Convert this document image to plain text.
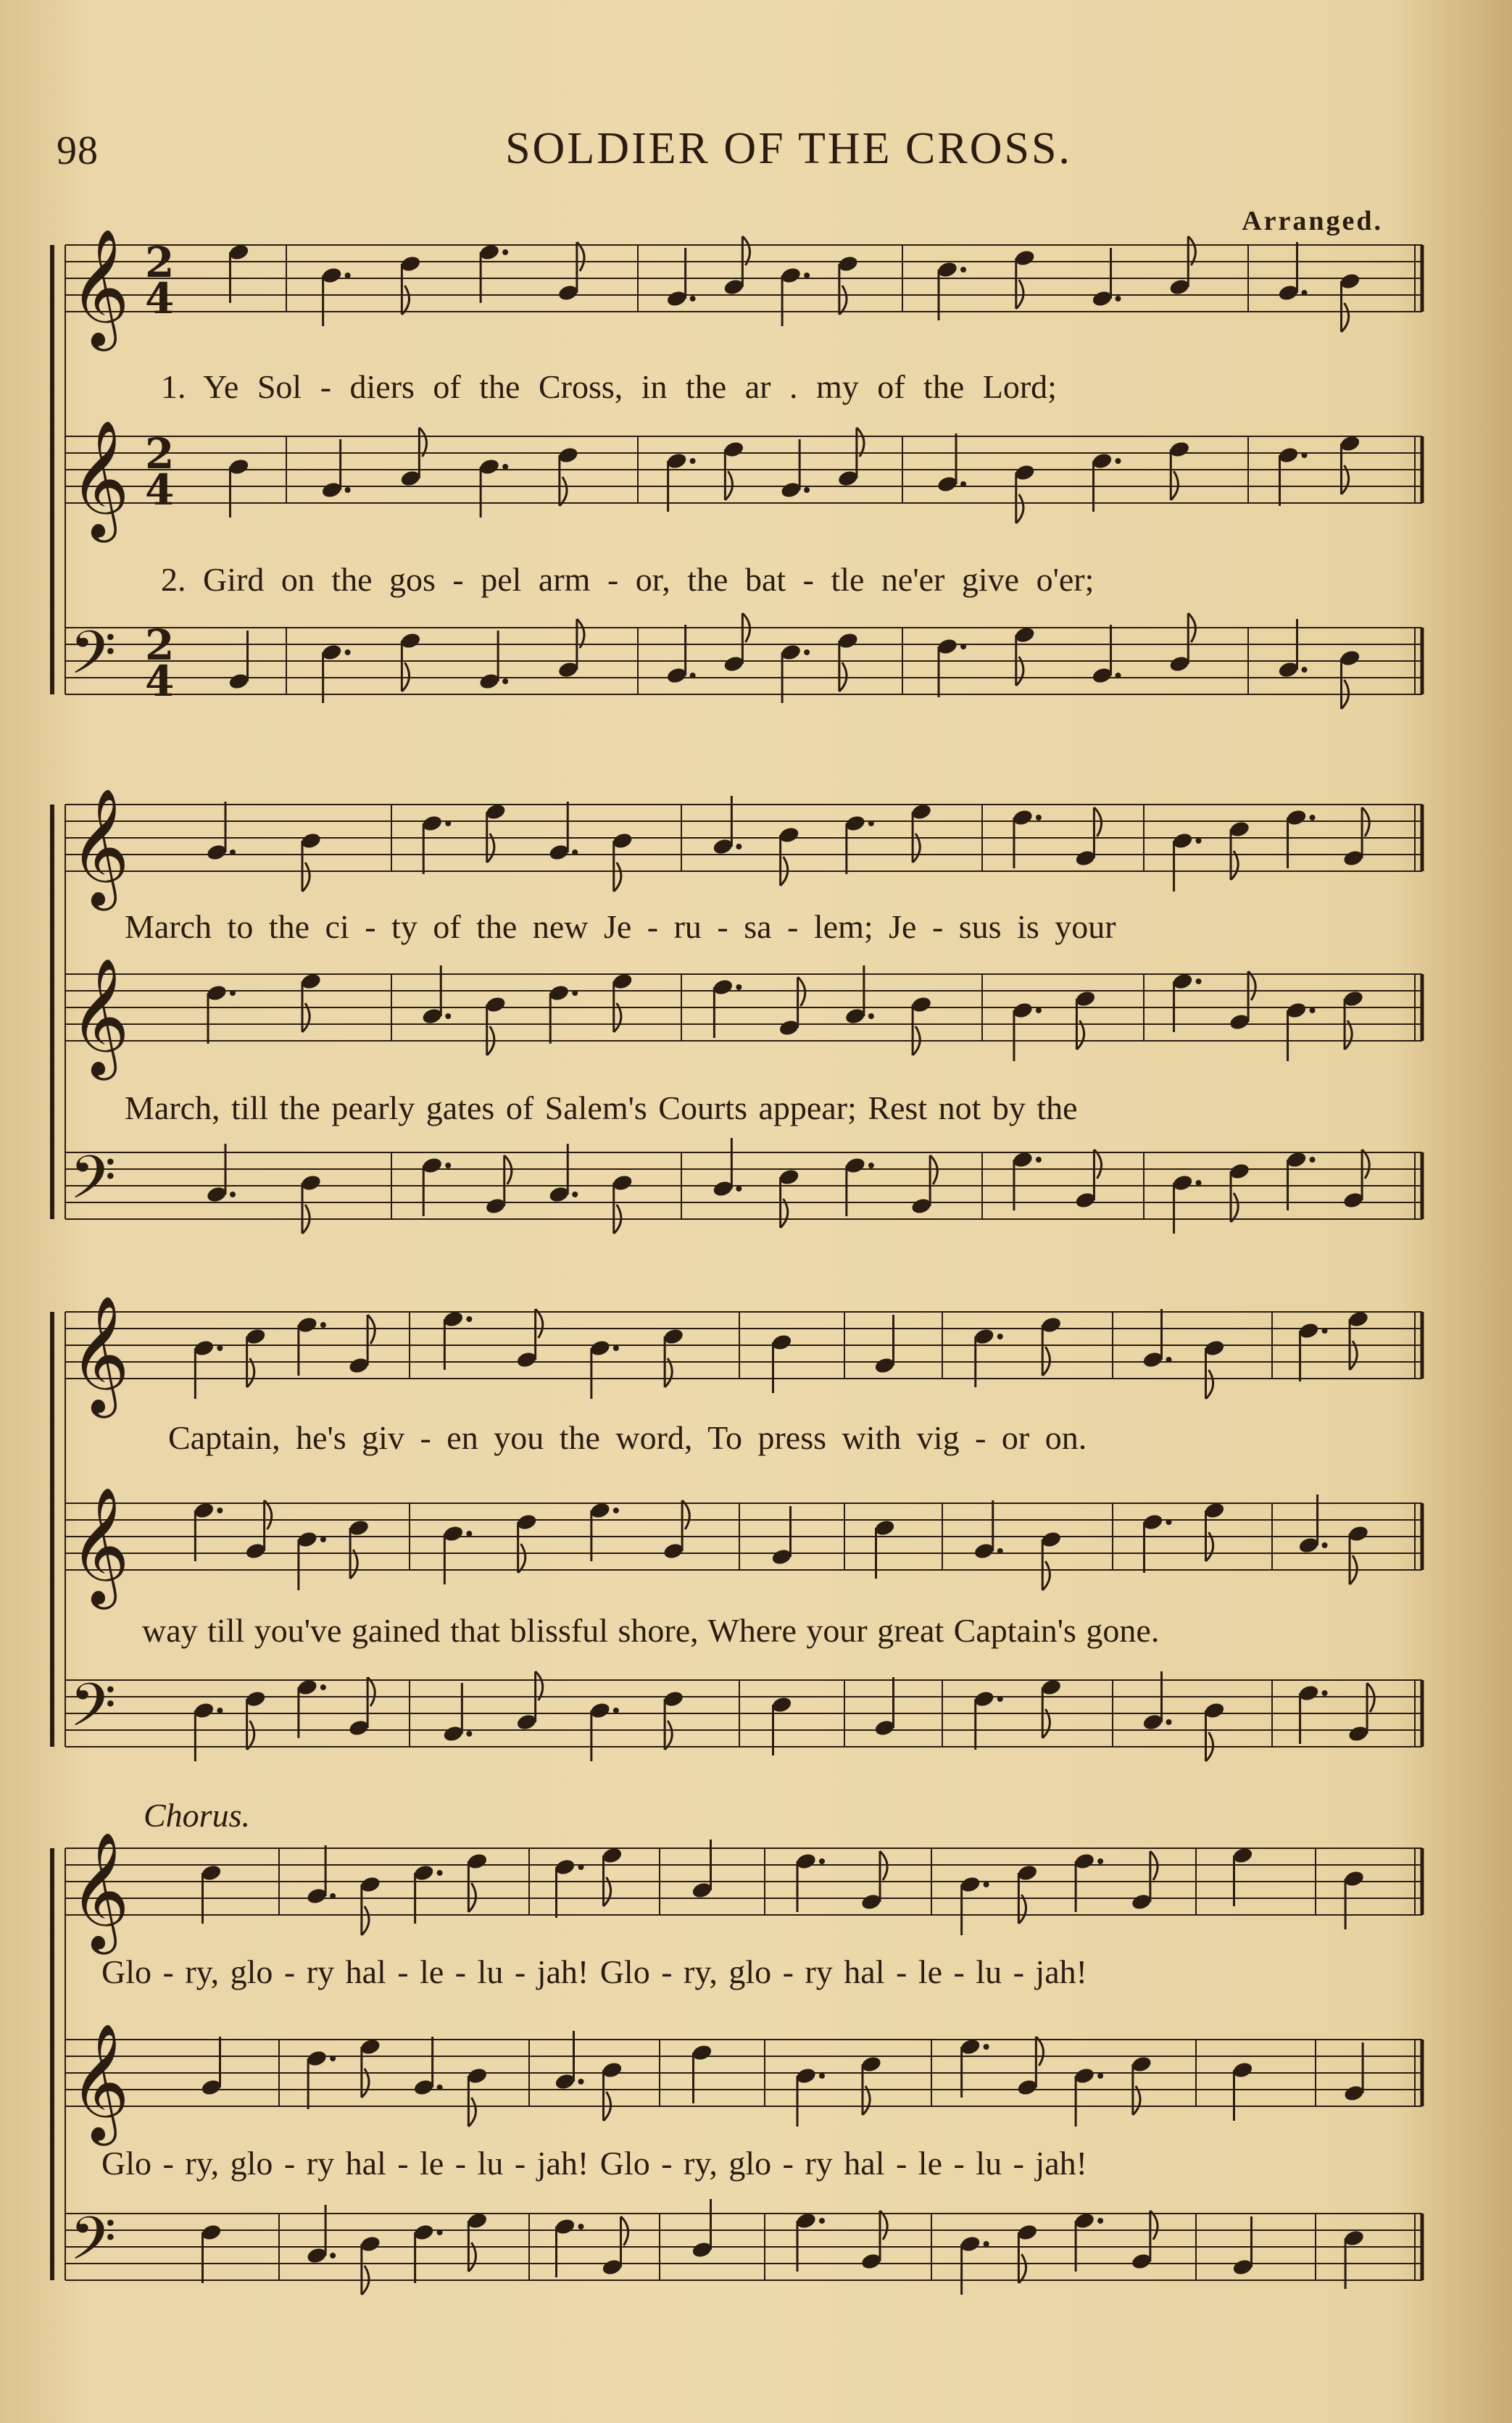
98	SOLDIER OF THE CROSS.
Arranged.
Chorus.
𝄞 2
4
𝄞 2
4
𝄢 2
4
𝄞
𝄞
𝄢
𝄞
𝄞
𝄢
𝄞
𝄞
𝄢
1. Ye Sol - diers of the Cross, in the ar . my of the Lord;
2. Gird on the gos - pel arm - or, the bat - tle ne'er give o'er;
March to the ci - ty of the new Je - ru - sa - lem; Je - sus is your
March, till the pearly gates of Salem's Courts appear; Rest not by the
Captain, he's giv - en you the word, To press with vig - or on.
way till you've gained that blissful shore, Where your great Captain's gone.
Glo - ry, glo - ry hal - le - lu - jah! Glo - ry, glo - ry hal - le - lu - jah!
Glo - ry, glo - ry hal - le - lu - jah! Glo - ry, glo - ry hal - le - lu - jah!
